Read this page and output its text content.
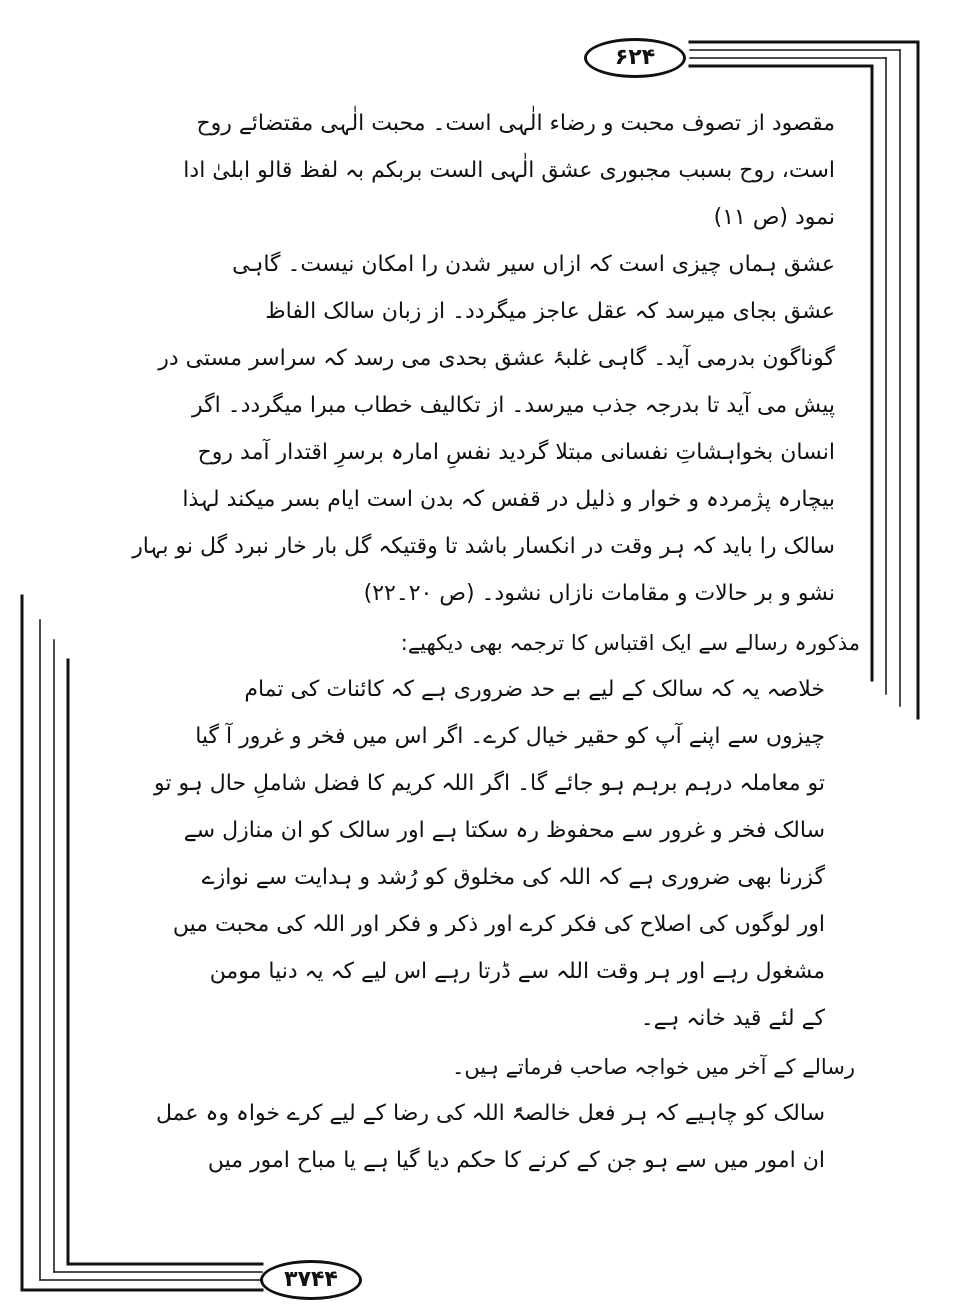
۶۲۴
مقصود از تصوف محبت و رضاء الٰہی است۔ محبت الٰہی مقتضائے روح
است، روح بسبب مجبوری عشق الٰہی الست بربکم بہ لفظ قالو ابلیٰ ادا
نمود (ص ۱۱)
عشق ہماں چیزی است کہ ازاں سیر شدن را امکان نیست۔ گاہی
عشق بجای میرسد کہ عقل عاجز میگردد۔ از زبان سالک الفاظ
گوناگون بدرمی آید۔ گاہی غلبۂ عشق بحدی می رسد کہ سراسر مستی در
پیش می آید تا بدرجہ جذب میرسد۔ از تکالیف خطاب مبرا میگردد۔ اگر
انسان بخواہشاتِ نفسانی مبتلا گردید نفسِ امارہ برسرِ اقتدار آمد روح
بیچارہ پژمردہ و خوار و ذلیل در قفس کہ بدن است ایام بسر میکند لہذا
سالک را باید کہ ہر وقت در انکسار باشد تا وقتیکہ گل بار خار نبرد گل نو بہار
نشو و بر حالات و مقامات نازاں نشود۔ (ص ۲۰۔۲۲)
مذکورہ رسالے سے ایک اقتباس کا ترجمہ بھی دیکھیے:
خلاصہ یہ کہ سالک کے لیے بے حد ضروری ہے کہ کائنات کی تمام
چیزوں سے اپنے آپ کو حقیر خیال کرے۔ اگر اس میں فخر و غرور آ گیا
تو معاملہ درہم برہم ہو جائے گا۔ اگر اللہ کریم کا فضل شاملِ حال ہو تو
سالک فخر و غرور سے محفوظ رہ سکتا ہے اور سالک کو ان منازل سے
گزرنا بھی ضروری ہے کہ اللہ کی مخلوق کو رُشد و ہدایت سے نوازے
اور لوگوں کی اصلاح کی فکر کرے اور ذکر و فکر اور اللہ کی محبت میں
مشغول رہے اور ہر وقت اللہ سے ڈرتا رہے اس لیے کہ یہ دنیا مومن
کے لئے قید خانہ ہے۔
رسالے کے آخر میں خواجہ صاحب فرماتے ہیں۔
سالک کو چاہیے کہ ہر فعل خالصۃً اللہ کی رضا کے لیے کرے خواہ وہ عمل
ان امور میں سے ہو جن کے کرنے کا حکم دیا گیا ہے یا مباح امور میں
۳۷۴۴
